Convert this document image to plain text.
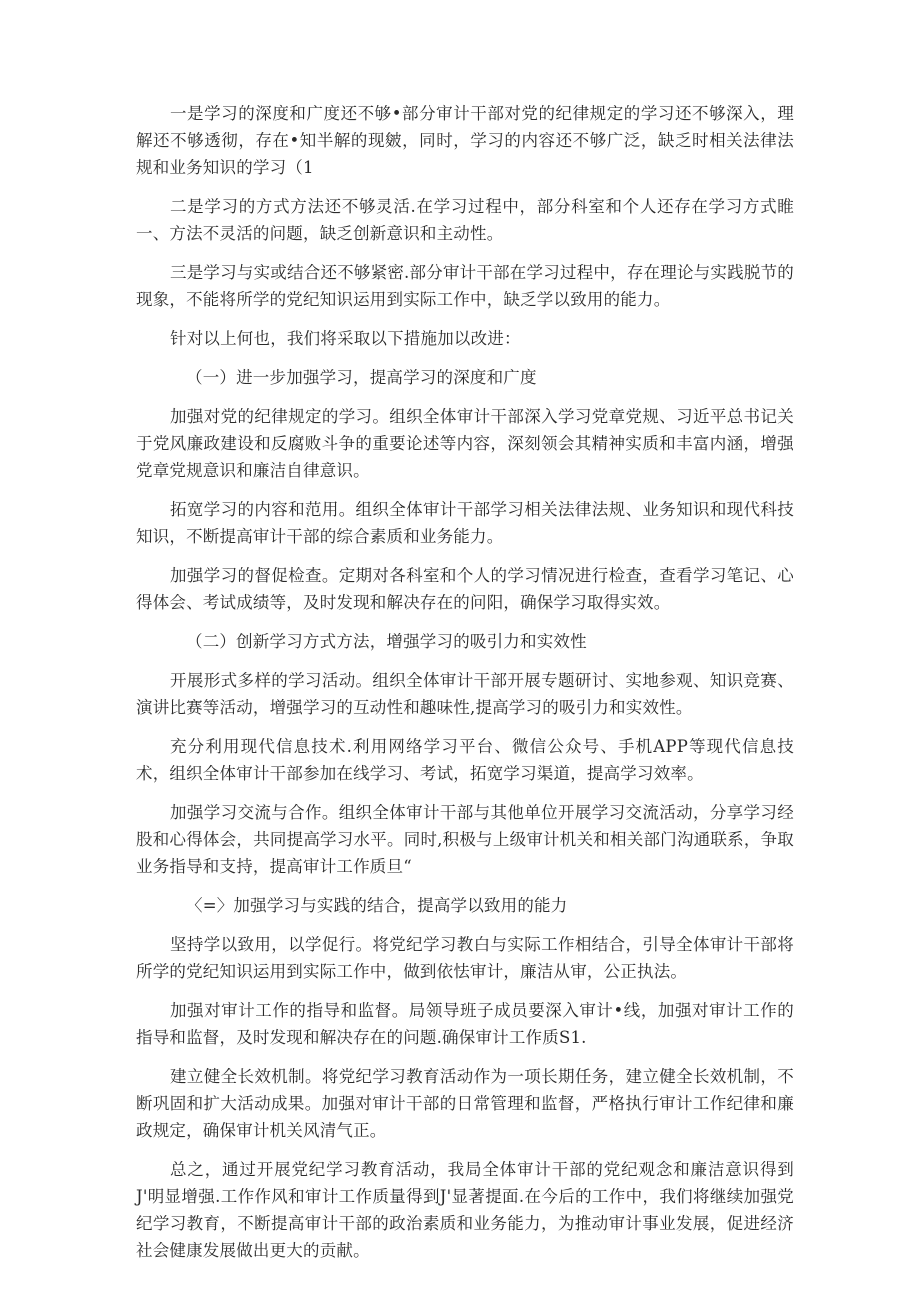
一是学习的深度和广度还不够•部分审计干部对党的纪律规定的学习还不够深入，理解还不够透彻，存在•知半解的现皴，同时，学习的内容还不够广泛，缺乏时相关法律法规和业务知识的学习（1

二是学习的方式方法还不够灵活.在学习过程中，部分科室和个人还存在学习方式睢一、方法不灵活的问题，缺乏创新意识和主动性。

三是学习与实或结合还不够紧密.部分审计干部在学习过程中，存在理论与实践脱节的现象，不能将所学的党纪知识运用到实际工作中，缺乏学以致用的能力。

针对以上何也，我们将采取以下措施加以改进：

（一）进一步加强学习，提高学习的深度和广度

加强对党的纪律规定的学习。组织全体审计干部深入学习党章党规、习近平总书记关于党风廉政建设和反腐败斗争的重要论述等内容，深刻领会其精神实质和丰富内涵，增强党章党规意识和廉洁自律意识。

拓宽学习的内容和范用。组织全体审计干部学习相关法律法规、业务知识和现代科技知识，不断提高审计干部的综合素质和业务能力。

加强学习的督促检查。定期对各科室和个人的学习情况进行检查，查看学习笔记、心得体会、考试成绩等，及时发现和解决存在的问阳，确保学习取得实效。

（二）创新学习方式方法，增强学习的吸引力和实效性

开展形式多样的学习活动。组织全体审计干部开展专题研讨、实地参观、知识竞赛、演讲比赛等活动，增强学习的互动性和趣味性,提高学习的吸引力和实效性。

充分利用现代信息技术.利用网络学习平台、微信公众号、手机APP等现代信息技术，组织全体审计干部参加在线学习、考试，拓宽学习渠道，提高学习效率。

加强学习交流与合作。组织全体审计干部与其他单位开展学习交流活动，分享学习经股和心得体会，共同提高学习水平。同时,积极与上级审计机关和相关部门沟通联系，争取业务指导和支持，提高审计工作质旦“

〈=〉加强学习与实践的结合，提高学以致用的能力

坚持学以致用，以学促行。将党纪学习教白与实际工作相结合，引导全体审计干部将所学的党纪知识运用到实际工作中，做到依怯审计，廉洁从审，公正执法。

加强对审计工作的指导和监督。局领导班子成员要深入审计•线，加强对审计工作的指导和监督，及时发现和解决存在的问题.确保审计工作质S1.

建立健全长效机制。将党纪学习教育活动作为一项长期任务，建立健全长效机制，不断巩固和扩大活动成果。加强对审计干部的日常管理和监督，严格执行审计工作纪律和廉政规定，确保审计机关风清气正。

总之，通过开展党纪学习教育活动，我局全体审计干部的党纪观念和廉洁意识得到J'明显增强.工作作风和审计工作质量得到J'显著提面.在今后的工作中，我们将继续加强党纪学习教育，不断提高审计干部的政治素质和业务能力，为推动审计事业发展，促进经济社会健康发展做出更大的贡献。
